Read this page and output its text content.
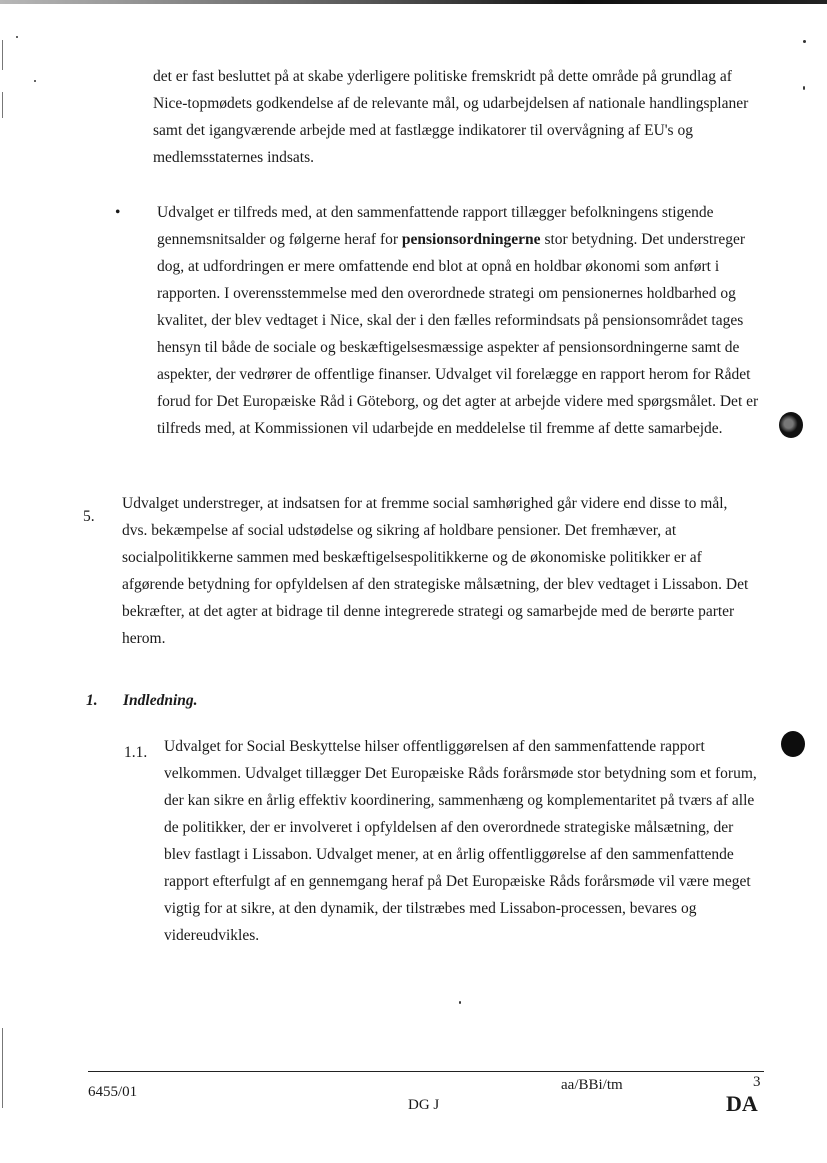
det er fast besluttet på at skabe yderligere politiske fremskridt på dette område på grundlag af Nice-topmødets godkendelse af de relevante mål, og udarbejdelsen af nationale handlingsplaner samt det igangværende arbejde med at fastlægge indikatorer til overvågning af EU's og medlemsstaternes indsats.

• Udvalget er tilfreds med, at den sammenfattende rapport tillægger befolkningens stigende gennemsnitsalder og følgerne heraf for pensionsordningerne stor betydning. Det understreger dog, at udfordringen er mere omfattende end blot at opnå en holdbar økonomi som anført i rapporten. I overensstemmelse med den overordnede strategi om pensionernes holdbarhed og kvalitet, der blev vedtaget i Nice, skal der i den fælles reformindsats på pensionsområdet tages hensyn til både de sociale og beskæftigelsesmæssige aspekter af pensionsordningerne samt de aspekter, der vedrører de offentlige finanser. Udvalget vil forelægge en rapport herom for Rådet forud for Det Europæiske Råd i Göteborg, og det agter at arbejde videre med spørgsmålet. Det er tilfreds med, at Kommissionen vil udarbejde en meddelelse til fremme af dette samarbejde.

5.

Udvalget understreger, at indsatsen for at fremme social samhørighed går videre end disse to mål, dvs. bekæmpelse af social udstødelse og sikring af holdbare pensioner. Det fremhæver, at socialpolitikkerne sammen med beskæftigelsespolitikkerne og de økonomiske politikker er af afgørende betydning for opfyldelsen af den strategiske målsætning, der blev vedtaget i Lissabon. Det bekræfter, at det agter at bidrage til denne integrerede strategi og samarbejde med de berørte parter herom.

1. Indledning.
1.1. Udvalget for Social Beskyttelse hilser offentliggørelsen af den sammenfattende rapport velkommen. Udvalget tillægger Det Europæiske Råds forårsmøde stor betydning som et forum, der kan sikre en årlig effektiv koordinering, sammenhæng og komplementaritet på tværs af alle de politikker, der er involveret i opfyldelsen af den overordnede strategiske målsætning, der blev fastlagt i Lissabon. Udvalget mener, at en årlig offentliggørelse af den sammenfattende rapport efterfulgt af en gennemgang heraf på Det Europæiske Råds forårsmøde vil være meget vigtig for at sikre, at den dynamik, der tilstræbes med Lissabon-processen, bevares og videreudvikles.

6455/01	aa/BBi/tm	3
DG J	DA
